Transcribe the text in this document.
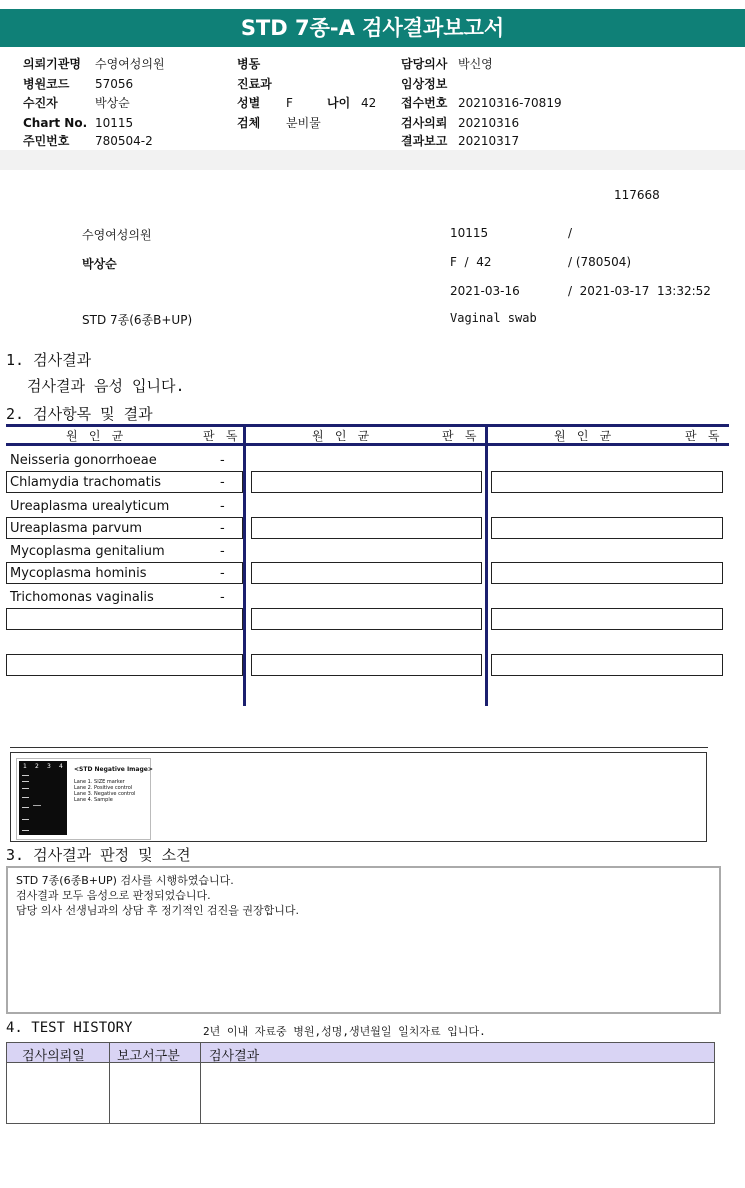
STD 7종-A 검사결과보고서
의뢰기관명 수영여성의원	병동	담당의사 박신영
병원코드 57056	진료과	임상정보
수진자	박상순	성별 F	나이 42 접수번호 20210316-70819
Chart No. 10115	검체 분비물	검사의뢰 20210316
주민번호 780504-2	결과보고 20210317
117668
수영여성의원	10115	/
박상순	F  /  42	/ (780504)
2021-03-16	/  2021-03-17  13:32:52
STD 7종(6종B+UP)	Vaginal swab
1. 검사결과
검사결과 음성 입니다.
2. 검사항목 및 결과
원 인 균	판 독	원 인 균	판 독	원 인 균	판 독
Neisseria gonorrhoeae	-
Chlamydia trachomatis	-
Ureaplasma urealyticum	-
Ureaplasma parvum	-
Mycoplasma genitalium	-
Mycoplasma hominis	-
Trichomonas vaginalis	-
1 2 3 4 <STD Negative Image>
Lane 1. SIZE marker
Lane 2. Positive control
Lane 3. Negative control
Lane 4. Sample
3. 검사결과 판정 및 소견
STD 7종(6종B+UP) 검사를 시행하였습니다.
검사결과 모두 음성으로 판정되었습니다.
담당 의사 선생님과의 상담 후 정기적인 검진을 권장합니다.
4. TEST HISTORY	2년 이내 자료중 병원,성명,생년월일 일치자료 입니다.
검사의뢰일 보고서구분 검사결과
